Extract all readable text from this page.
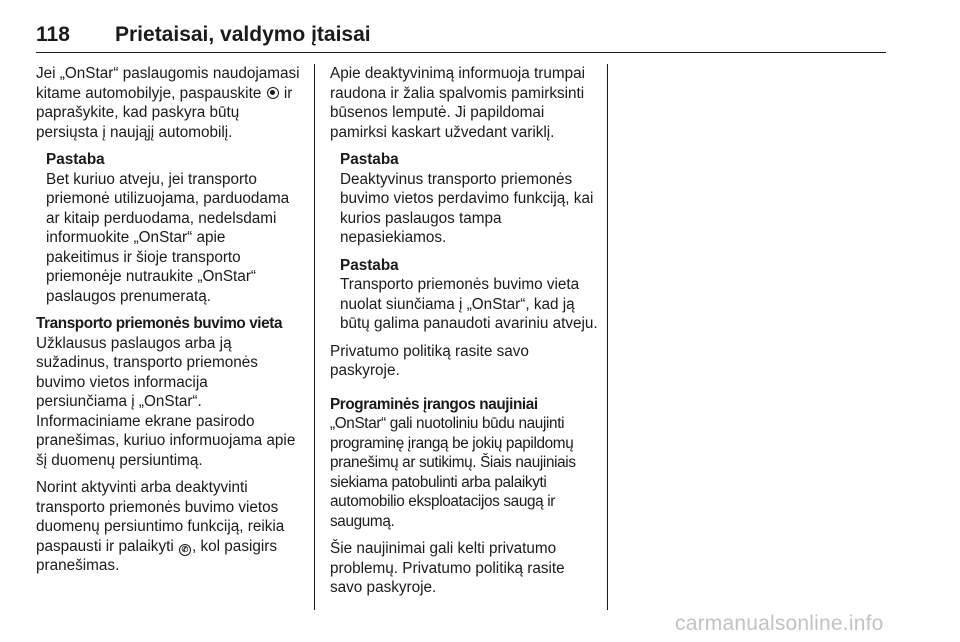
118 Prietaisai, valdymo įtaisai

Jei „OnStar“ paslaugomis naudojamasi kitame automobilyje, paspauskite ir paprašykite, kad paskyra būtų persiųsta į naująjį automobilį.

Pastaba
Bet kuriuo atveju, jei transporto priemonė utilizuojama, parduodama ar kitaip perduodama, nedelsdami informuokite „OnStar“ apie pakeitimus ir šioje transporto priemonėje nutraukite „OnStar“ paslaugos prenumeratą.
Transporto priemonės buvimo vieta

Užklausus paslaugos arba ją sužadinus, transporto priemonės buvimo vietos informacija persiunčiama į „OnStar“. Informaciniame ekrane pasirodo pranešimas, kuriuo informuojama apie šį duomenų persiuntimą.

Norint aktyvinti arba deaktyvinti transporto priemonės buvimo vietos duomenų persiuntimo funkciją, reikia paspausti ir palaikyti ✆ , kol pasigirs pranešimas.

Apie deaktyvinimą informuoja trumpai raudona ir žalia spalvomis pamirksinti būsenos lemputė. Ji papildomai pamirksi kaskart užvedant variklį.

Pastaba
Deaktyvinus transporto priemonės buvimo vietos perdavimo funkciją, kai kurios paslaugos tampa nepasiekiamos.
Pastaba
Transporto priemonės buvimo vieta nuolat siunčiama į „OnStar“, kad ją būtų galima panaudoti avariniu atveju.

Privatumo politiką rasite savo paskyroje.

Programinės įrangos naujiniai

„OnStar“ gali nuotoliniu būdu naujinti programinę įrangą be jokių papildomų pranešimų ar sutikimų. Šiais naujiniais siekiama patobulinti arba palaikyti automobilio eksploatacijos saugą ir saugumą.

Šie naujinimai gali kelti privatumo problemų. Privatumo politiką rasite savo paskyroje.

carmanualsonline.info
